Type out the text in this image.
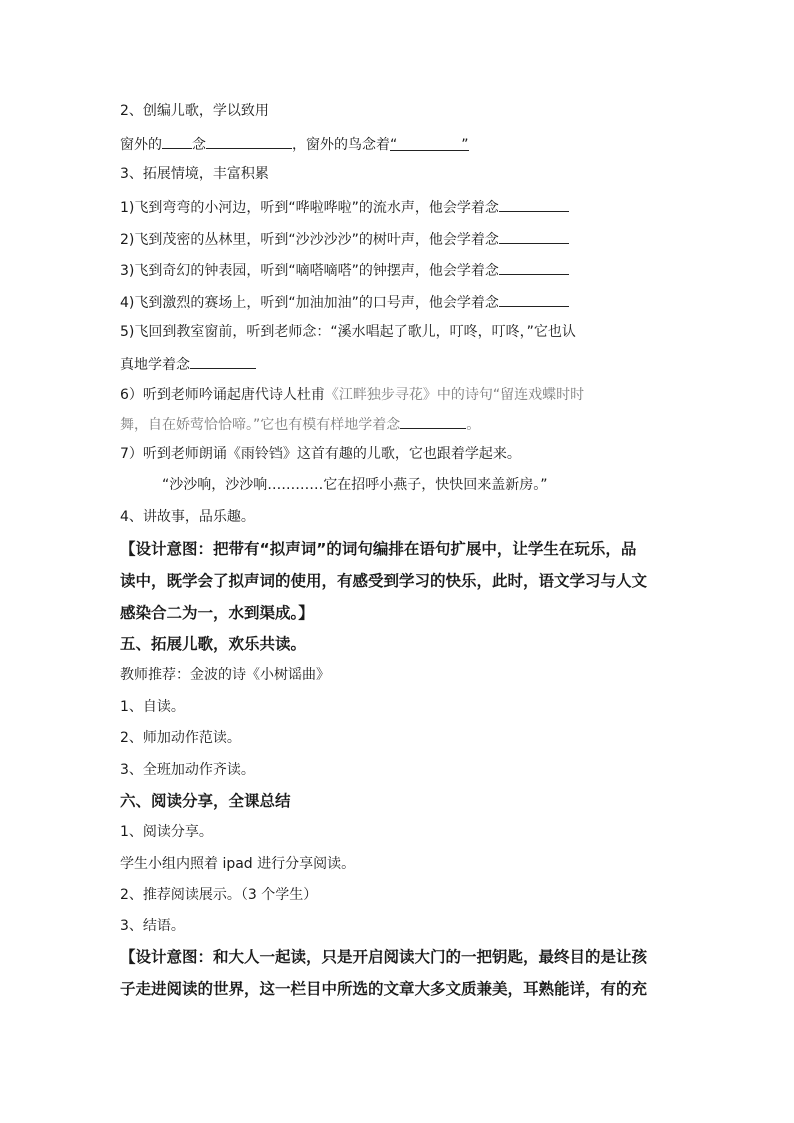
2、创编儿歌，学以致用
窗外的 念	，窗外的鸟念着“	”
3、拓展情境，丰富积累
1)飞到弯弯的小河边，听到“哗啦哗啦”的流水声，他会学着念
2)飞到茂密的丛林里，听到“沙沙沙沙”的树叶声，他会学着念
3)飞到奇幻的钟表园，听到“嘀嗒嘀嗒”的钟摆声，他会学着念
4)飞到激烈的赛场上，听到“加油加油”的口号声，他会学着念
5)飞回到教室窗前，听到老师念：“溪水唱起了歌儿，叮咚，叮咚，”它也认
真地学着念
6）听到老师吟诵起唐代诗人杜甫《江畔独步寻花》中的诗句“留连戏蝶时时
舞，自在娇莺恰恰啼。”它也有模有样地学着念	。
7）听到老师朗诵《雨铃铛》这首有趣的儿歌，它也跟着学起来。
“沙沙响，沙沙响…………它在招呼小燕子，快快回来盖新房。”
4、讲故事，品乐趣。
【设计意图：把带有“拟声词”的词句编排在语句扩展中，让学生在玩乐，品
读中，既学会了拟声词的使用，有感受到学习的快乐，此时，语文学习与人文
感染合二为一，水到渠成。】
五、拓展儿歌，欢乐共读。
教师推荐：金波的诗《小树谣曲》
1、自读。
2、师加动作范读。
3、全班加动作齐读。
六、阅读分享，全课总结
1、阅读分享。
学生小组内照着 ipad 进行分享阅读。
2、推荐阅读展示。（3 个学生）
3、结语。
【设计意图：和大人一起读，只是开启阅读大门的一把钥匙，最终目的是让孩
子走进阅读的世界，这一栏目中所选的文章大多文质兼美，耳熟能详，有的充
